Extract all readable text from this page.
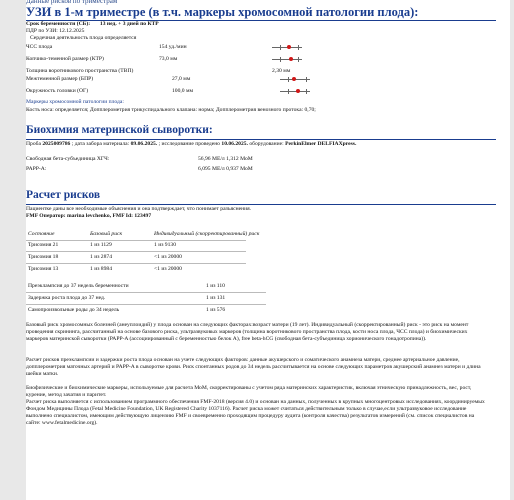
Данные рисков по триместрам
УЗИ в 1-м триместре (в т.ч. маркеры хромосомной патологии плода):
Срок беременности (СБ): 13 нед. + 3 дней по КТР
ПДР по УЗИ: 12.12.2025
Сердечная деятельность плода определяется
ЧСС плода	154 уд./мин
Копчико-теменной размер (КТР)	73,0 мм
Толщина воротникового пространства (ТВП)	2,30 мм
Межтеменной размер (БПР)	27,0 мм
Окружность головки (ОГ)	100,0 мм
Маркеры хромосомной патологии плода:
Кость носа: определяется; Допплерометрия трикуспидального клапана: норма; Допплерометрия венозного протока: 0,70;
Биохимия материнской сыворотки:
Проба 2025009786 ; дата забора материала: 09.06.2025. ; исследование проведено 10.06.2025. оборудование: PerkinElmer DELFIAXpress.
Свободная бета-субъединица ХГЧ:	56,96 МЕ/л 1,312 МоМ
PAPP-A:	6,095 МЕ/л 0,937 МоМ
Расчет рисков
Пациентке даны все необходимые объяснения и она подтверждает, что понимает разъяснения.
FMF Оператор: marina levchenko, FMF Id: 123497
Состояние	Базовый риск	Индивидуальный (скорректированный) риск
Трисомия 21	1 из 1129	1 из 9130
Трисомия 18	1 из 2874	<1 из 20000
Трисомия 13	1 из 8984	<1 из 20000
Преэклампсия до 37 недель беременности	1 из 110
Задержка роста плода до 37 нед.	1 из 131
Самопроизвольные роды до 34 недель	1 из 576
Базовый риск хромосомных болезней (анеуплоидий) у плода основан на следующих факторах:возраст матери (19 лет). Индивидуальный (скорректированный) риск - это риск на момент проведения скрининга, рассчитанный на основе базового риска, ультразвуковых маркеров (толщина воротникового пространства плода, кости носа плода, ЧСС плода) и биохимических маркеров материнской сыворотки (PAPP-A (ассоциированный с беременностью белок А), free beta-hCG (свободная бета-субъединица хорионического гонадотропина)).
Расчет рисков преэклампсии и задержки роста плода основан на учете следующих факторов: данные акушерского и соматического анамнеза матери, среднее артериальное давление, допплерометрия маточных артерий и PAPP-A в сыворотке крови. Риск спонтанных родов до 34 недель рассчитывается на основе следующих параметров акушерский анамнез матери и длина шейки матки.
Биофизические и биохимические маркеры, используемые для расчета МоМ, скорректированы с учетом ряда материнских характеристик, включая этническую принадлежность, вес, рост, курение, метод зачатия и паритет.
Расчет риска выполняется с использованием программного обеспечения FMF-2018 (версия 4.0) и основан на данных, полученных в крупных многоцентровых исследованиях, координируемых Фондом Медицины Плода (Fetal Medicine Foundation, UK Registered Charity 1037116). Расчет риска может считаться действительным только в случае,если ультразвуковое исследование выполнено специалистом, имеющим действующую лицензию FMF и своевременно проходящим процедуру аудита (контроля качества) результатов измерений (см. список специалистов на сайте: www.fetalmedicine.org).
